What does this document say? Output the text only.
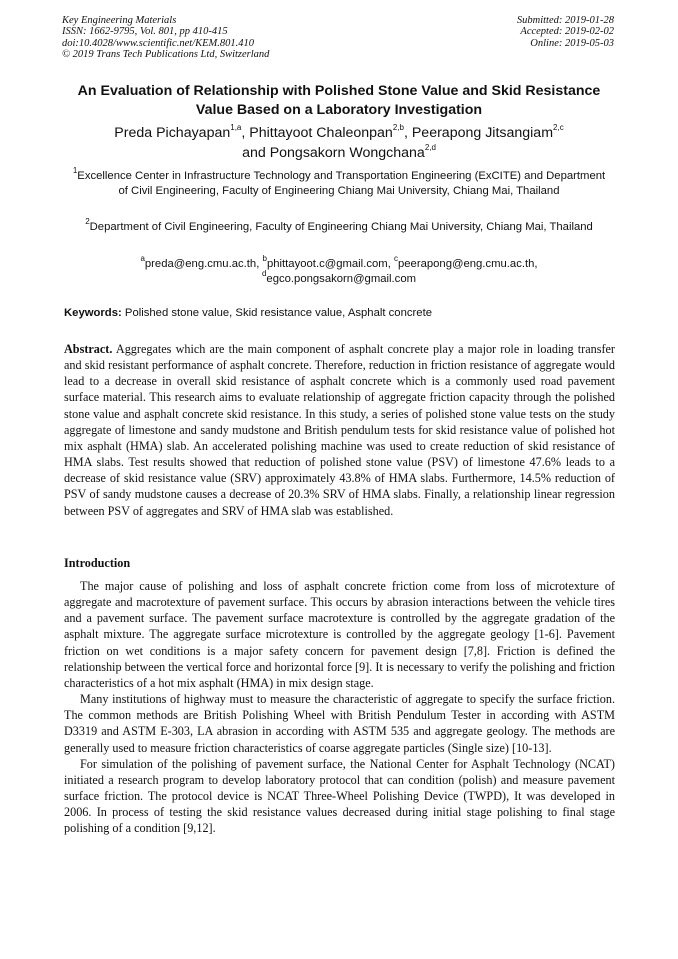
Key Engineering Materials
ISSN: 1662-9795, Vol. 801, pp 410-415
doi:10.4028/www.scientific.net/KEM.801.410
© 2019 Trans Tech Publications Ltd, Switzerland
Submitted: 2019-01-28
Accepted: 2019-02-02
Online: 2019-05-03
An Evaluation of Relationship with Polished Stone Value and Skid Resistance Value Based on a Laboratory Investigation
Preda Pichayapan$^{1,a}$, Phittayoot Chaleonpan$^{2,b}$, Peerapong Jitsangiam$^{2,c}$
and Pongsakorn Wongchana$^{2,d}$
$^1$Excellence Center in Infrastructure Technology and Transportation Engineering (ExCITE) and Department of Civil Engineering, Faculty of Engineering Chiang Mai University, Chiang Mai, Thailand
$^2$Department of Civil Engineering, Faculty of Engineering Chiang Mai University, Chiang Mai, Thailand
$^a$preda@eng.cmu.ac.th, $^b$phittayoot.c@gmail.com, $^c$peerapong@eng.cmu.ac.th,
$^d$egco.pongsakorn@gmail.com
Keywords: Polished stone value, Skid resistance value, Asphalt concrete
Abstract. Aggregates which are the main component of asphalt concrete play a major role in loading transfer and skid resistant performance of asphalt concrete. Therefore, reduction in friction resistance of aggregate would lead to a decrease in overall skid resistance of asphalt concrete which is a commonly used road pavement surface material. This research aims to evaluate relationship of aggregate friction capacity through the polished stone value and asphalt concrete skid resistance. In this study, a series of polished stone value tests on the study aggregate of limestone and sandy mudstone and British pendulum tests for skid resistance value of polished hot mix asphalt (HMA) slab. An accelerated polishing machine was used to create reduction of skid resistance of HMA slabs. Test results showed that reduction of polished stone value (PSV) of limestone 47.6% leads to a decrease of skid resistance value (SRV) approximately 43.8% of HMA slabs. Furthermore, 14.5% reduction of PSV of sandy mudstone causes a decrease of 20.3% SRV of HMA slabs. Finally, a relationship linear regression between PSV of aggregates and SRV of HMA slab was established.
Introduction

The major cause of polishing and loss of asphalt concrete friction come from loss of microtexture of aggregate and macrotexture of pavement surface. This occurs by abrasion interactions between the vehicle tires and a pavement surface. The pavement surface macrotexture is controlled by the aggregate gradation of the asphalt mixture. The aggregate surface microtexture is controlled by the aggregate geology [1-6]. Pavement friction on wet conditions is a major safety concern for pavement design [7,8]. Friction is defined the relationship between the vertical force and horizontal force [9]. It is necessary to verify the polishing and friction characteristics of a hot mix asphalt (HMA) in mix design stage.

Many institutions of highway must to measure the characteristic of aggregate to specify the surface friction. The common methods are British Polishing Wheel with British Pendulum Tester in according with ASTM D3319 and ASTM E-303, LA abrasion in according with ASTM 535 and aggregate geology. The methods are generally used to measure friction characteristics of coarse aggregate particles (Single size) [10-13].

For simulation of the polishing of pavement surface, the National Center for Asphalt Technology (NCAT) initiated a research program to develop laboratory protocol that can condition (polish) and measure pavement surface friction. The protocol device is NCAT Three-Wheel Polishing Device (TWPD), It was developed in 2006. In process of testing the skid resistance values decreased during initial stage polishing to final stage polishing of a condition [9,12].
